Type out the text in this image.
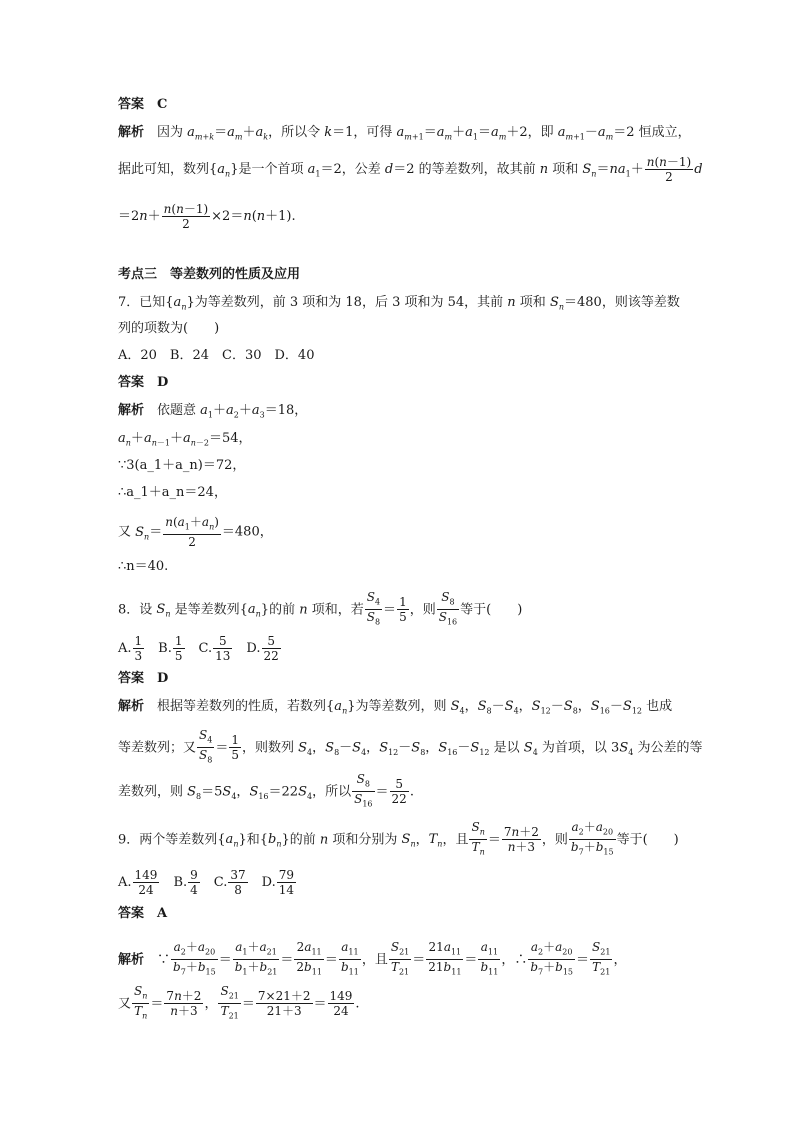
答案　C
解析　因为 $a_{m+k}=a_m+a_k$，所以令 k＝1，可得 $a_{m+1}=a_m+a_1=a_m+2$，即 $a_{m+1}-a_m=2$ 恒成立，
据此可知，数列$\{a_n\}$是一个首项 $a_1=2$，公差 d＝2 的等差数列，故其前 n 项和 $S_n=na_1+ \frac{n(n-1)}{2}$ d
$=2n+ \frac{n(n-1)}{2} \times 2=n(n+1)$.
考点三　等差数列的性质及应用
7．已知$\{a_n\}$为等差数列，前 3 项和为 18，后 3 项和为 54，其前 n 项和 $S_n=480$，则该等差数
列的项数为(　　)
A．20　B．24　C．30　D．40
答案　D
解析　依题意 $a_1+a_2+a_3=18$，
$a_n+a_{n-1}+a_{n-2}=54$，
∵3(a_1＋a_n)＝72，
∴a_1＋a_n＝24，
又 $S_n= \frac{n(a_1+a_n)}{2} =480$，
∴n＝40.
8．设 $S_n$ 是等差数列$\{a_n\}$的前 n 项和，若 $\frac{S_4}{S_8} = \frac{1}{5}$ ，则 $\frac{S_8}{S_{16}}$ 等于(　　)
A. $\frac{1}{3}$ 　B. $\frac{1}{5}$ 　C. $\frac{5}{13}$ 　D. $\frac{5}{22}$
答案　D
解析　根据等差数列的性质，若数列$\{a_n\}$为等差数列，则 $S_4$，$S_8-S_4$，$S_{12}-S_8$，$S_{16}-S_{12}$ 也成
等差数列；又 $\frac{S_4}{S_8} = \frac{1}{5}$ ，则数列 $S_4$，$S_8-S_4$，$S_{12}-S_8$，$S_{16}-S_{12}$ 是以 $S_4$ 为首项，以 $3S_4$ 为公差的等
差数列，则 $S_8=5S_4$，$S_{16}=22S_4$，所以 $\frac{S_8}{S_{16}} = \frac{5}{22}$ .
9．两个等差数列$\{a_n\}$和$\{b_n\}$的前 n 项和分别为 $S_n$，$T_n$，且 $\frac{S_n}{T_n} = \frac{7n+2}{n+3}$ ，则 $\frac{a_2+a_{20}}{b_7+b_{15}}$ 等于(　　)
A. $\frac{149}{24}$ 　B. $\frac{9}{4}$ 　C. $\frac{37}{8}$ 　D. $\frac{79}{14}$
答案　A
解析　∵ $\frac{a_2+a_{20}}{b_7+b_{15}} = \frac{a_1+a_{21}}{b_1+b_{21}} = \frac{2a_{11}}{2b_{11}} = \frac{a_{11}}{b_{11}}$ ，且 $\frac{S_{21}}{T_{21}} = \frac{21a_{11}}{21b_{11}} = \frac{a_{11}}{b_{11}}$ ，∴ $\frac{a_2+a_{20}}{b_7+b_{15}} = \frac{S_{21}}{T_{21}}$ ，
又 $\frac{S_n}{T_n} = \frac{7n+2}{n+3}$ ， $\frac{S_{21}}{T_{21}} = \frac{7\times 21+2}{21+3} = \frac{149}{24}$ .
